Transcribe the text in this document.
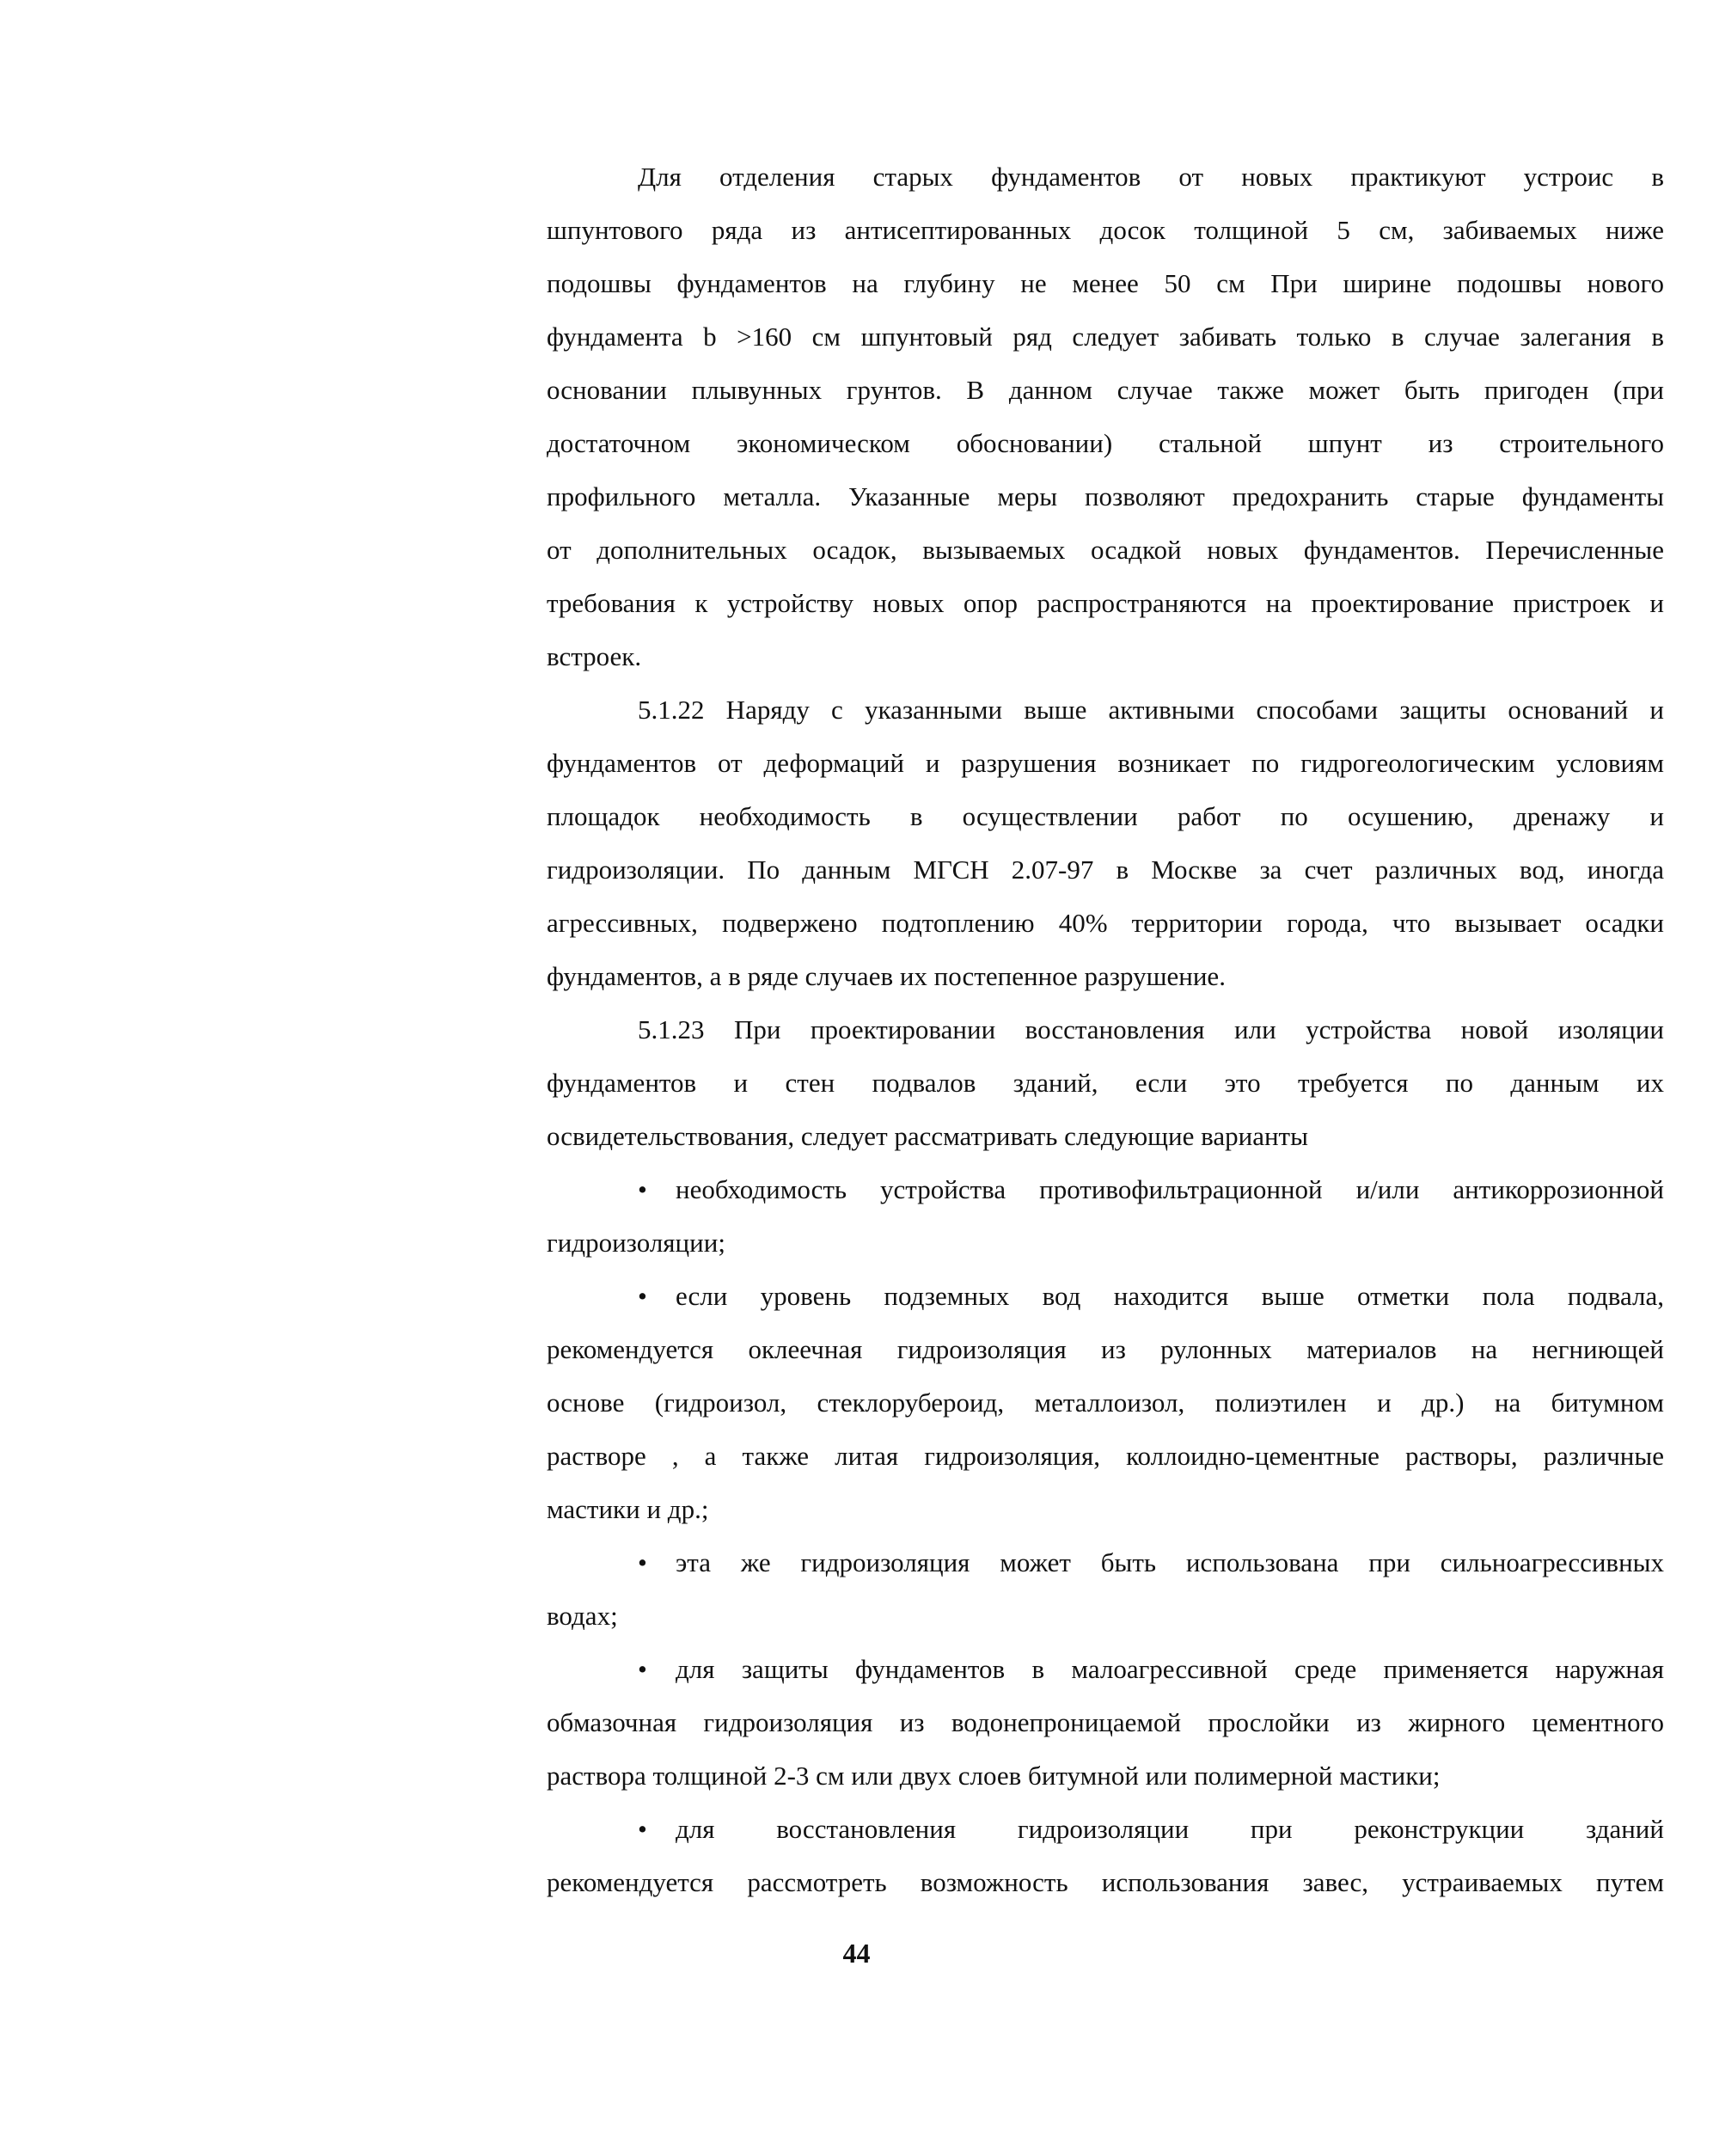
Для отделения старых фундаментов от новых практикуют устроис в
шпунтового ряда из антисептированных досок толщиной 5 см, забиваемых ниже
подошвы фундаментов на глубину не менее 50 см При ширине подошвы нового
фундамента b >160 см шпунтовый ряд следует забивать только в случае залегания в
основании плывунных грунтов. В данном случае также может быть пригоден (при
достаточном экономическом обосновании) стальной шпунт из строительного
профильного металла. Указанные меры позволяют предохранить старые фундаменты
от дополнительных осадок, вызываемых осадкой новых фундаментов. Перечисленные
требования к устройству новых опор распространяются на проектирование пристроек и
встроек.
5.1.22 Наряду с указанными выше активными способами защиты оснований и
фундаментов от деформаций и разрушения возникает по гидрогеологическим условиям
площадок необходимость в осуществлении работ по осушению, дренажу и
гидроизоляции. По данным МГСН 2.07-97 в Москве за счет различных вод, иногда
агрессивных, подвержено подтоплению 40% территории города, что вызывает осадки
фундаментов, а в ряде случаев их постепенное разрушение.
5.1.23 При проектировании восстановления или устройства новой изоляции
фундаментов и стен подвалов зданий, если это требуется по данным их
освидетельствования, следует рассматривать следующие варианты
• необходимость устройства противофильтрационной и/или антикоррозионной
гидроизоляции;
• если уровень подземных вод находится выше отметки пола подвала,
рекомендуется оклеечная гидроизоляция из рулонных материалов на негниющей
основе (гидроизол, стеклорубероид, металлоизол, полиэтилен и др.) на битумном
растворе , а также литая гидроизоляция, коллоидно-цементные растворы, различные
мастики и др.;
• эта же гидроизоляция может быть использована при сильноагрессивных
водах;
• для защиты фундаментов в малоагрессивной среде применяется наружная
обмазочная гидроизоляция из водонепроницаемой прослойки из жирного цементного
раствора толщиной 2-3 см или двух слоев битумной или полимерной мастики;
• для восстановления гидроизоляции при реконструкции зданий
рекомендуется рассмотреть возможность использования завес, устраиваемых путем
44
